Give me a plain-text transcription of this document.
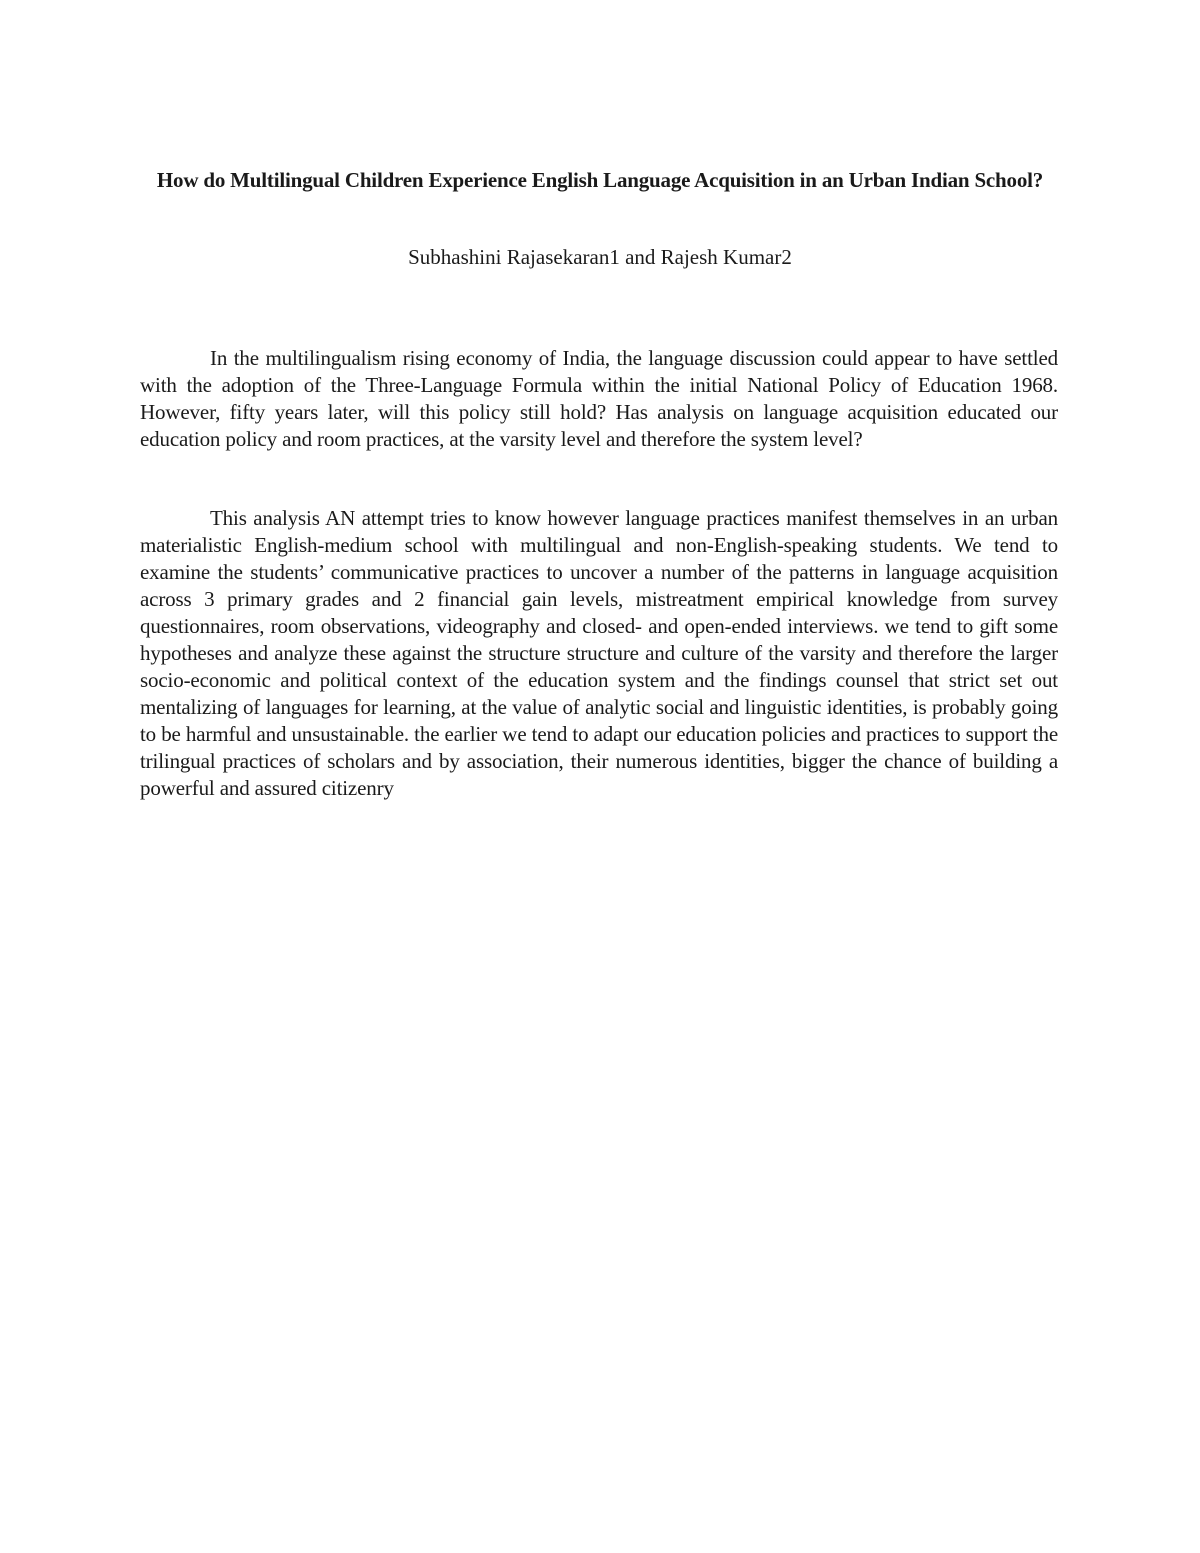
How do Multilingual Children Experience English Language Acquisition in an Urban Indian School?

Subhashini Rajasekaran1 and Rajesh Kumar2

In the multilingualism rising economy of India, the language discussion could appear to have settled with the adoption of the Three-Language Formula within the initial National Policy of Education 1968. However, fifty years later, will this policy still hold? Has analysis on language acquisition educated our education policy and room practices, at the varsity level and therefore the system level?

This analysis AN attempt tries to know however language practices manifest themselves in an urban materialistic English-medium school with multilingual and non-English-speaking students. We tend to examine the students’ communicative practices to uncover a number of the patterns in language acquisition across 3 primary grades and 2 financial gain levels, mistreatment empirical knowledge from survey questionnaires, room observations, videography and closed- and open-ended interviews. we tend to gift some hypotheses and analyze these against the structure structure and culture of the varsity and therefore the larger socio-economic and political context of the education system and the findings counsel that strict set out mentalizing of languages for learning, at the value of analytic social and linguistic identities, is probably going to be harmful and unsustainable. the earlier we tend to adapt our education policies and practices to support the trilingual practices of scholars and by association, their numerous identities, bigger the chance of building a powerful and assured citizenry
